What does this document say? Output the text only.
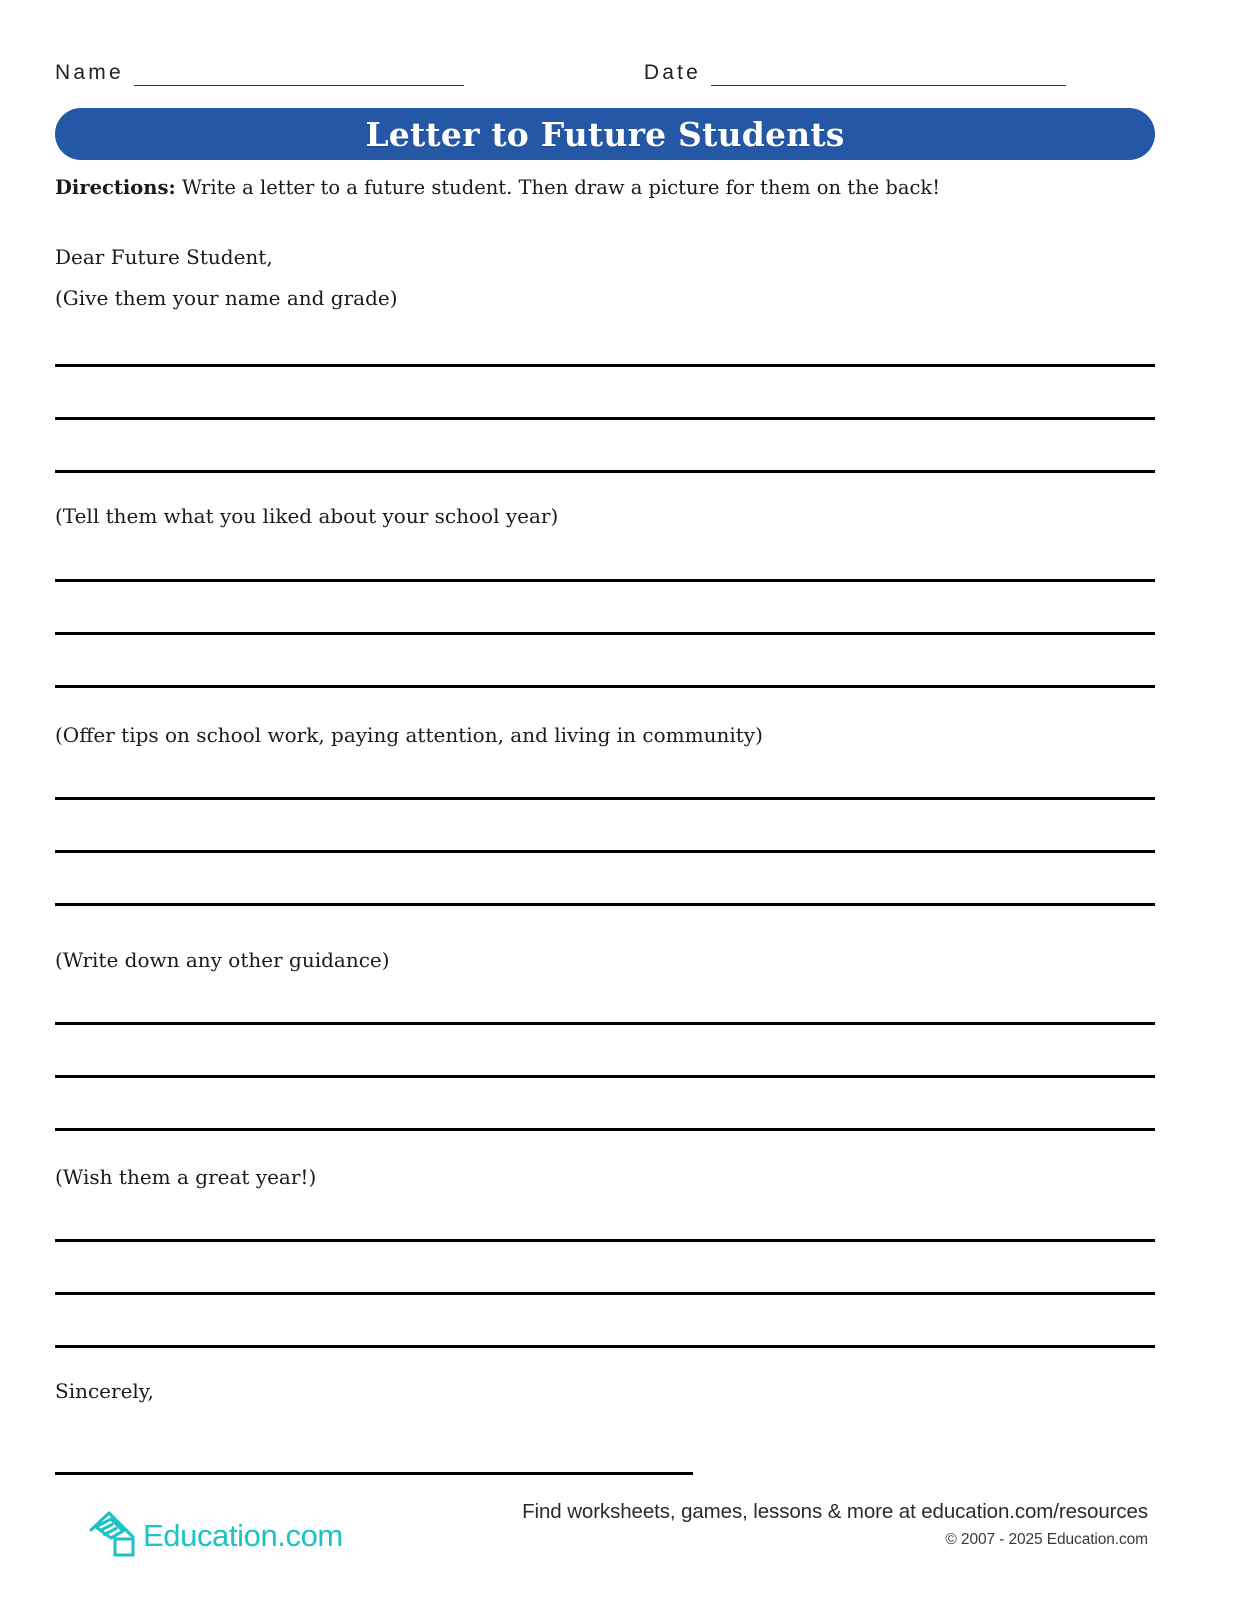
Name	Date
Letter to Future Students

Directions: Write a letter to a future student. Then draw a picture for them on the back!

Dear Future Student,
(Give them your name and grade)
(Tell them what you liked about your school year)
(Offer tips on school work, paying attention, and living in community)
(Write down any other guidance)
(Wish them a great year!)
Sincerely,
Education.com
Find worksheets, games, lessons & more at education.com/resources
© 2007 - 2025 Education.com
